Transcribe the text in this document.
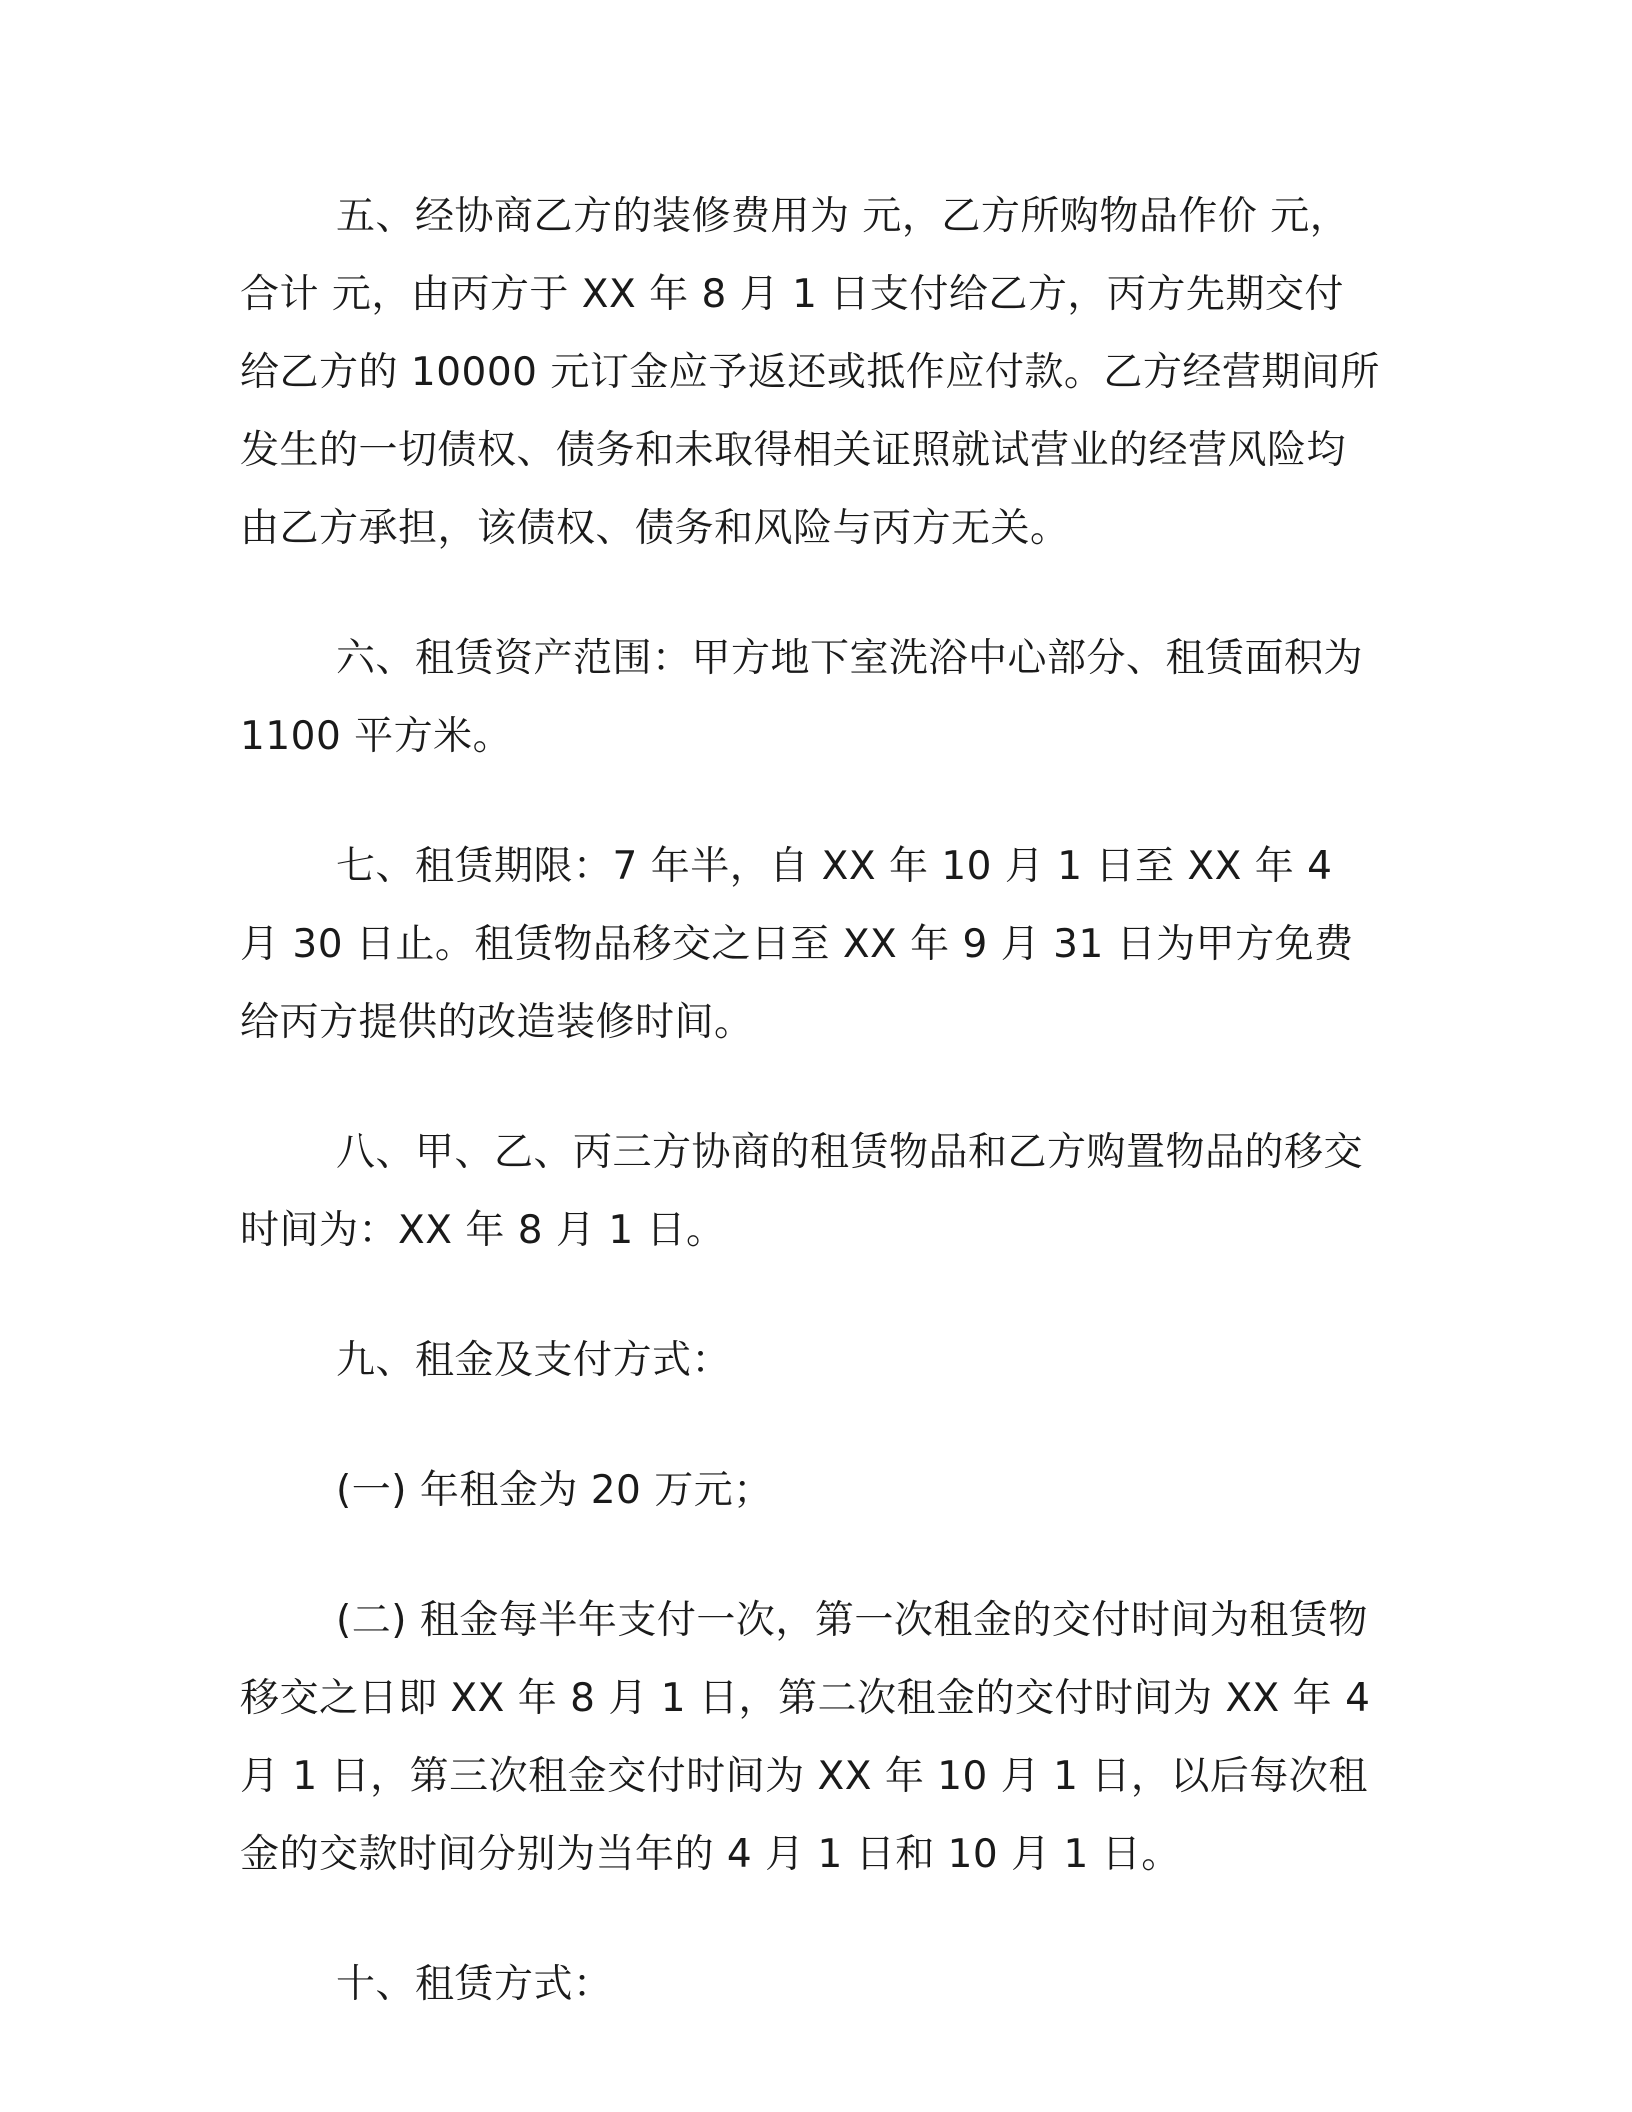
五、经协商乙方的装修费用为 元，乙方所购物品作价 元，合计 元，由丙方于 XX 年 8 月 1 日支付给乙方，丙方先期交付给乙方的 10000 元订金应予返还或抵作应付款。乙方经营期间所发生的一切债权、债务和未取得相关证照就试营业的经营风险均由乙方承担，该债权、债务和风险与丙方无关。

六、租赁资产范围：甲方地下室洗浴中心部分、租赁面积为 1100 平方米。

七、租赁期限：7 年半，自 XX 年 10 月 1 日至 XX 年 4 月 30 日止。租赁物品移交之日至 XX 年 9 月 31 日为甲方免费给丙方提供的改造装修时间。

八、甲、乙、丙三方协商的租赁物品和乙方购置物品的移交时间为：XX 年 8 月 1 日。

九、租金及支付方式：

(一) 年租金为 20 万元；

(二) 租金每半年支付一次，第一次租金的交付时间为租赁物移交之日即 XX 年 8 月 1 日，第二次租金的交付时间为 XX 年 4 月 1 日，第三次租金交付时间为 XX 年 10 月 1 日，以后每次租金的交款时间分别为当年的 4 月 1 日和 10 月 1 日。

十、租赁方式：
